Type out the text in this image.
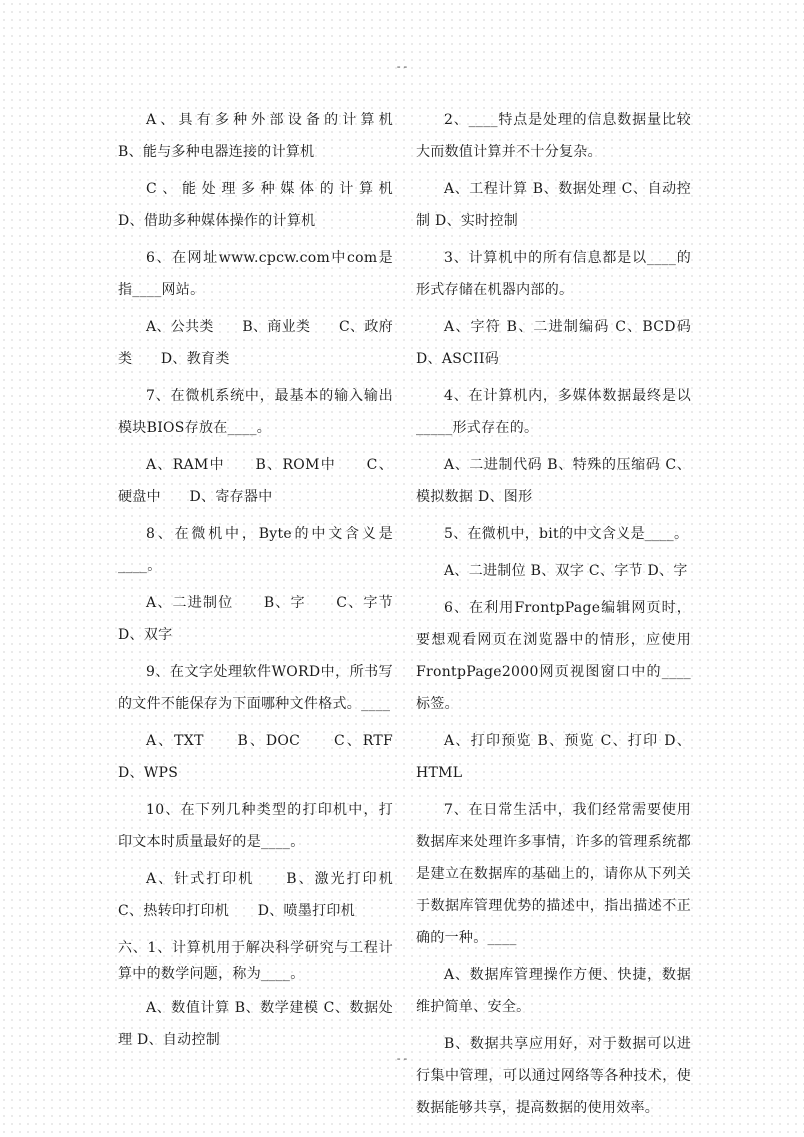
--

A、具有多种外部设备的计算机　　　B、能与多种电器连接的计算机

C、能处理多种媒体的计算机　　　D、借助多种媒体操作的计算机

6、在网址www.cpcw.com中com是指____网站。

A、公共类　　B、商业类　　C、政府类　　D、教育类

7、在微机系统中，最基本的输入输出模块BIOS存放在____。

A、RAM中　　B、ROM中　　C、硬盘中　　D、寄存器中

8、在微机中，Byte的中文含义是____。

A、二进制位　　B、字　　C、字节　　D、双字

9、在文字处理软件WORD中，所书写的文件不能保存为下面哪种文件格式。____

A、TXT　　B、DOC　　C、RTF　　D、WPS

10、在下列几种类型的打印机中，打印文本时质量最好的是____。

A、针式打印机　　B、激光打印机　　C、热转印打印机　　D、喷墨打印机

六、1、计算机用于解决科学研究与工程计算中的数学问题，称为____。

A、数值计算 B、数学建模 C、数据处理 D、自动控制

2、____特点是处理的信息数据量比较大而数值计算并不十分复杂。

A、工程计算 B、数据处理 C、自动控制 D、实时控制

3、计算机中的所有信息都是以____的形式存储在机器内部的。

A、字符 B、二进制编码 C、BCD码 D、ASCII码

4、在计算机内，多媒体数据最终是以_____形式存在的。

A、二进制代码 B、特殊的压缩码 C、模拟数据 D、图形

5、在微机中，bit的中文含义是____。

A、二进制位 B、双字 C、字节 D、字

6、在利用FrontpPage编辑网页时，要想观看网页在浏览器中的情形，应使用FrontpPage2000网页视图窗口中的____标签。

A、打印预览 B、预览 C、打印 D、HTML

7、在日常生活中，我们经常需要使用数据库来处理许多事情，许多的管理系统都是建立在数据库的基础上的，请你从下列关于数据库管理优势的描述中，指出描述不正确的一种。____

A、数据库管理操作方便、快捷，数据维护简单、安全。

B、数据共享应用好，对于数据可以进行集中管理，可以通过网络等各种技术，使数据能够共享，提高数据的使用效率。

--
